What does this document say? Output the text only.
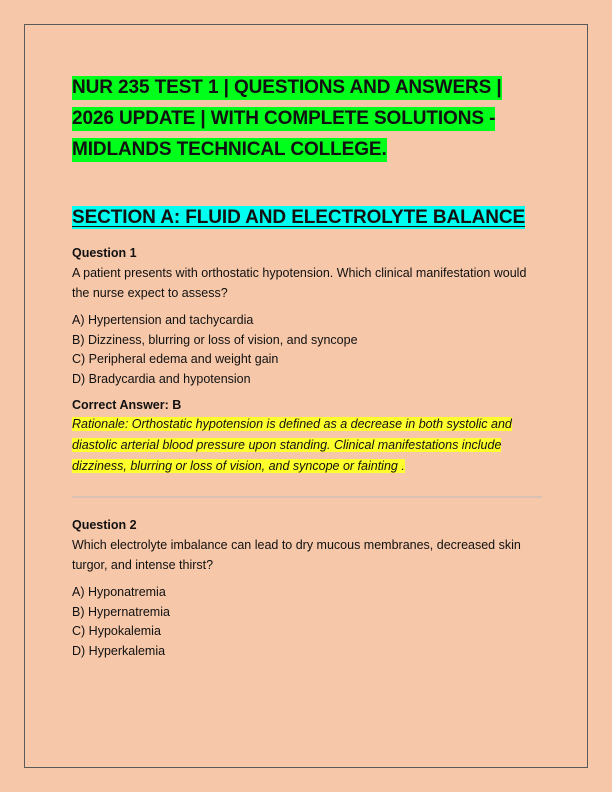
NUR 235 TEST 1 | QUESTIONS AND ANSWERS |
2026 UPDATE | WITH COMPLETE SOLUTIONS -
MIDLANDS TECHNICAL COLLEGE.
SECTION A: FLUID AND ELECTROLYTE BALANCE

Question 1

A patient presents with orthostatic hypotension. Which clinical manifestation would the nurse expect to assess?

A) Hypertension and tachycardia
B) Dizziness, blurring or loss of vision, and syncope
C) Peripheral edema and weight gain
D) Bradycardia and hypotension

Correct Answer: B

Rationale: Orthostatic hypotension is defined as a decrease in both systolic and diastolic arterial blood pressure upon standing. Clinical manifestations include dizziness, blurring or loss of vision, and syncope or fainting .

Question 2

Which electrolyte imbalance can lead to dry mucous membranes, decreased skin turgor, and intense thirst?

A) Hyponatremia
B) Hypernatremia
C) Hypokalemia
D) Hyperkalemia
